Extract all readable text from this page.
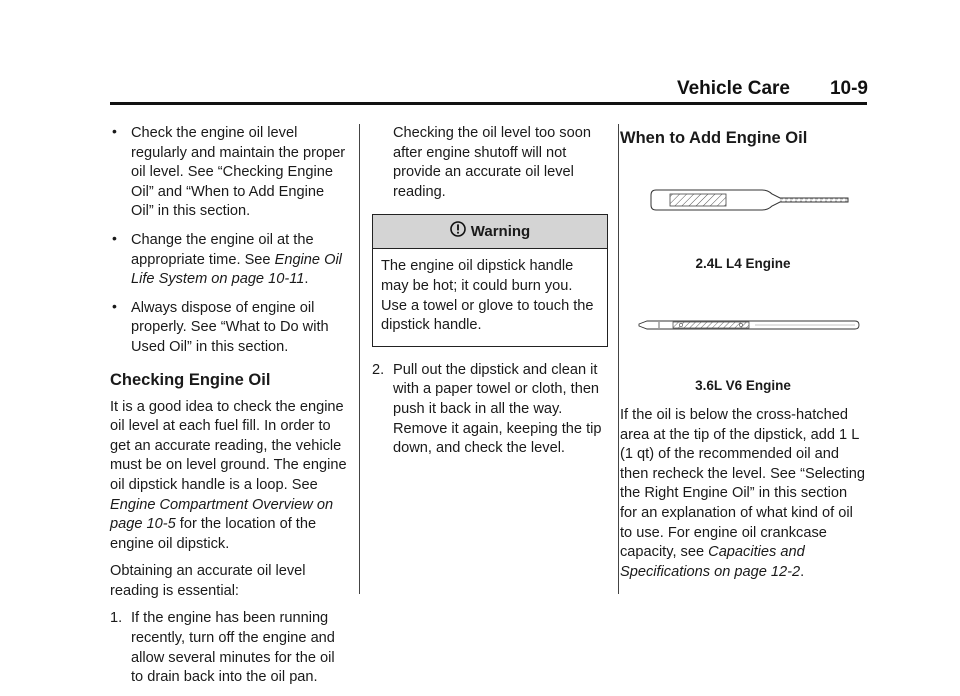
Vehicle Care 10-9
• Check the engine oil level regularly and maintain the proper oil level. See “Checking Engine Oil” and “When to Add Engine Oil” in this section.
• Change the engine oil at the appropriate time. See Engine Oil Life System on page 10-11.
• Always dispose of engine oil properly. See “What to Do with Used Oil” in this section.
Checking Engine Oil

It is a good idea to check the engine oil level at each fuel fill. In order to get an accurate reading, the vehicle must be on level ground. The engine oil dipstick handle is a loop. See Engine Compartment Overview on page 10-5 for the location of the engine oil dipstick.

Obtaining an accurate oil level reading is essential:

1. If the engine has been running recently, turn off the engine and allow several minutes for the oil to drain back into the oil pan.
Checking the oil level too soon after engine shutoff will not provide an accurate oil level reading.
Warning
The engine oil dipstick handle may be hot; it could burn you. Use a towel or glove to touch the dipstick handle.
2. Pull out the dipstick and clean it with a paper towel or cloth, then push it back in all the way. Remove it again, keeping the tip down, and check the level.
When to Add Engine Oil
2.4L L4 Engine
3.6L V6 Engine
If the oil is below the cross-hatched area at the tip of the dipstick, add 1 L (1 qt) of the recommended oil and then recheck the level. See “Selecting the Right Engine Oil” in this section for an explanation of what kind of oil to use. For engine oil crankcase capacity, see Capacities and Specifications on page 12-2.
